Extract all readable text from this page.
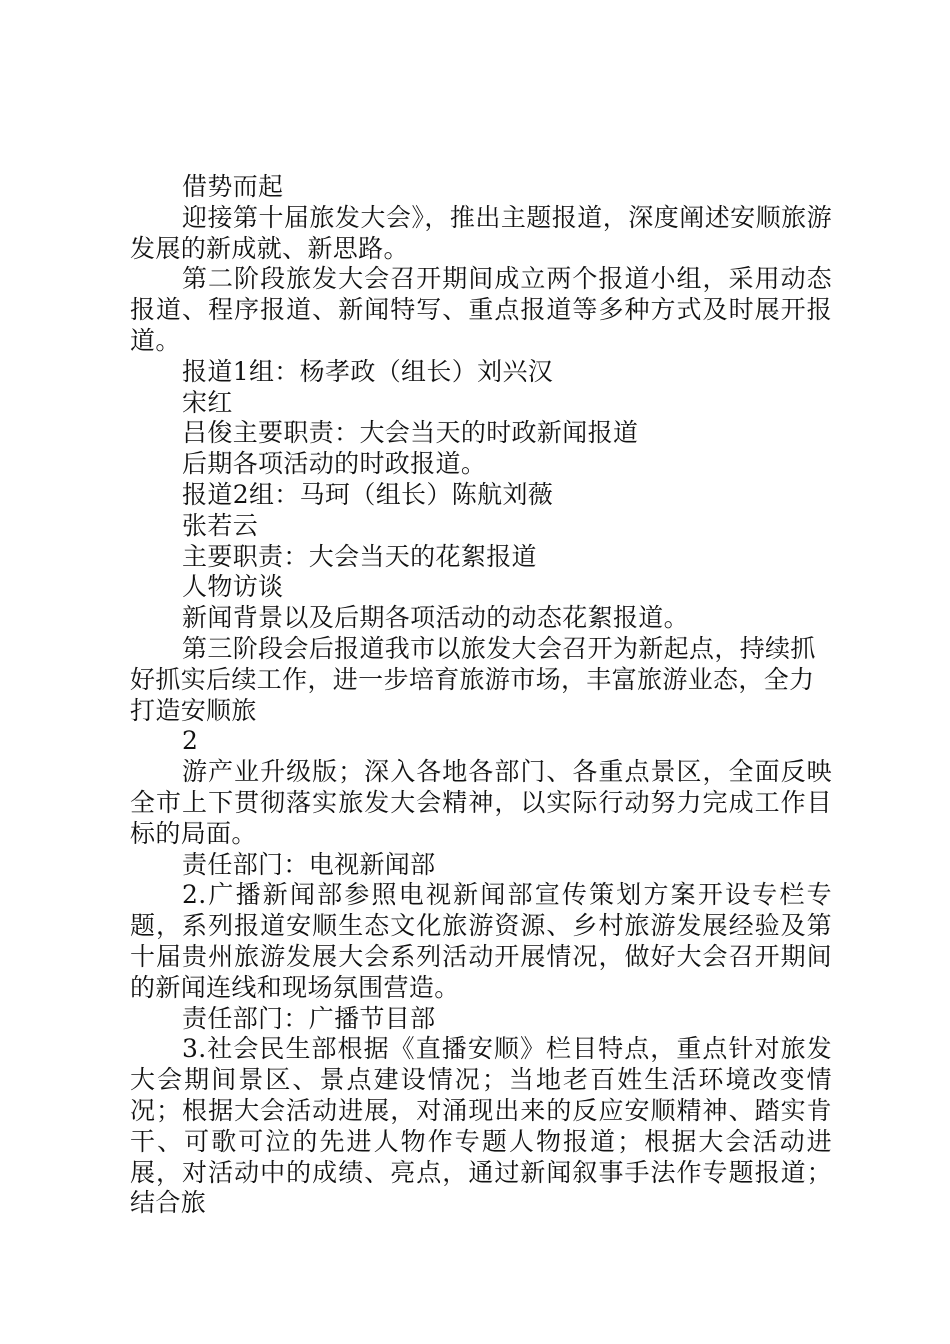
借势而起

迎接第十届旅发大会》，推出主题报道，深度阐述安顺旅游发展的新成就、新思路。

第二阶段旅发大会召开期间成立两个报道小组，采用动态报道、程序报道、新闻特写、重点报道等多种方式及时展开报道。

报道1组：杨孝政（组长）刘兴汉

宋红

吕俊主要职责：大会当天的时政新闻报道

后期各项活动的时政报道。

报道2组：马珂（组长）陈航刘薇

张若云

主要职责：大会当天的花絮报道

人物访谈

新闻背景以及后期各项活动的动态花絮报道。

第三阶段会后报道我市以旅发大会召开为新起点，持续抓好抓实后续工作，进一步培育旅游市场，丰富旅游业态，全力打造安顺旅

2

游产业升级版；深入各地各部门、各重点景区，全面反映全市上下贯彻落实旅发大会精神，以实际行动努力完成工作目标的局面。

责任部门：电视新闻部

2.广播新闻部参照电视新闻部宣传策划方案开设专栏专题，系列报道安顺生态文化旅游资源、乡村旅游发展经验及第十届贵州旅游发展大会系列活动开展情况，做好大会召开期间的新闻连线和现场氛围营造。

责任部门：广播节目部

3.社会民生部根据《直播安顺》栏目特点，重点针对旅发大会期间景区、景点建设情况；当地老百姓生活环境改变情况；根据大会活动进展，对涌现出来的反应安顺精神、踏实肯干、可歌可泣的先进人物作专题人物报道；根据大会活动进展，对活动中的成绩、亮点，通过新闻叙事手法作专题报道；结合旅
